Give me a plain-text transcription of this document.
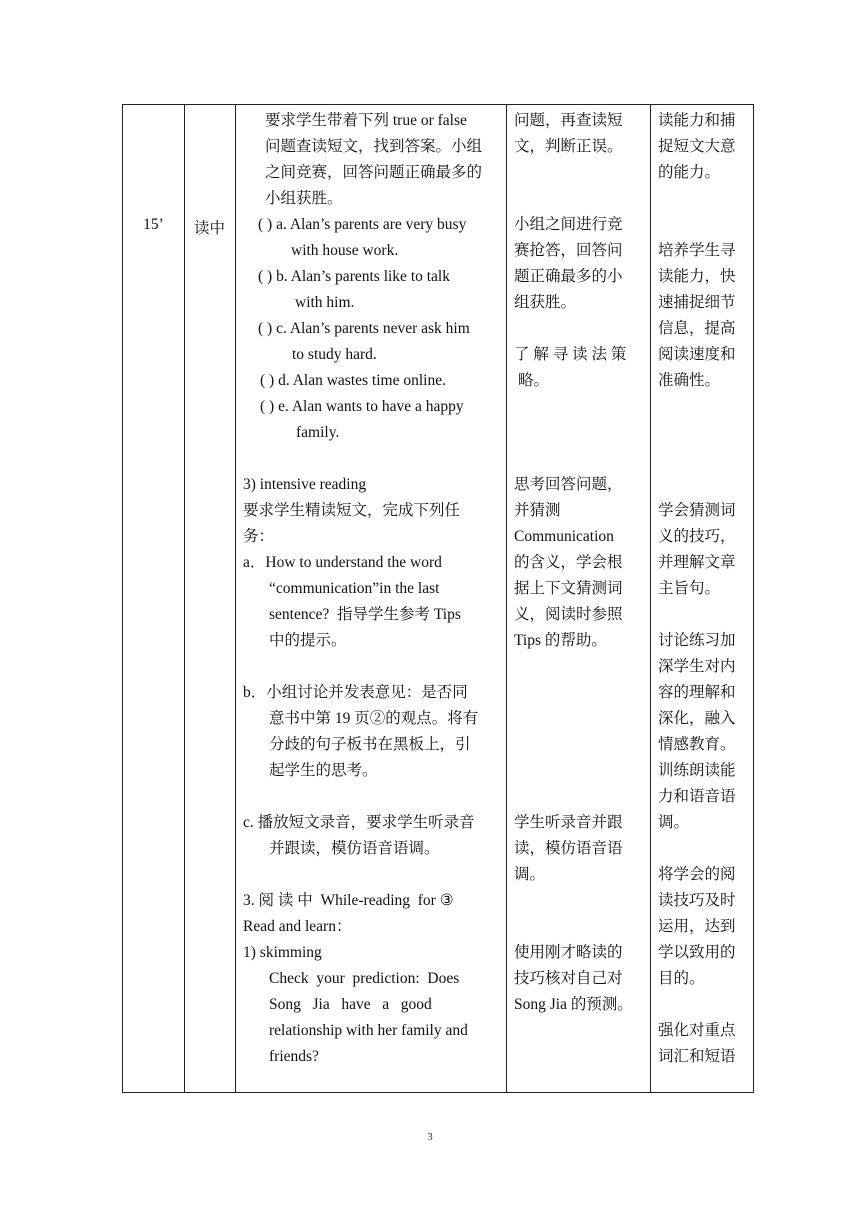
15’	读中

要求学生带着下列 true or false

问题查读短文，找到答案。小组

之间竞赛，回答问题正确最多的

小组获胜。

( ) a. Alan’s parents are very busy

with house work.

( ) b. Alan’s parents like to talk

with him.

( ) c. Alan’s parents never ask him

to study hard.

( ) d. Alan wastes time online.

( ) e. Alan wants to have a happy

family.

3) intensive reading

要求学生精读短文，完成下列任

务：

a．How to understand the word

“communication”in the last

sentence?  指导学生参考 Tips

中的提示。

b．小组讨论并发表意见：是否同

意书中第 19 页②的观点。将有

分歧的句子板书在黑板上，引

起学生的思考。

c. 播放短文录音，要求学生听录音

并跟读，模仿语音语调。

3. 阅 读 中  While-reading  for ③

Read and learn：

1) skimming

Check  your  prediction:  Does

Song   Jia   have   a   good

relationship with her family and

friends?

问题，再查读短

文，判断正误。

小组之间进行竞

赛抢答，回答问

题正确最多的小

组获胜。

了 解 寻 读 法 策

略。

思考回答问题，

并猜测

Communication

的含义，学会根

据上下文猜测词

义，阅读时参照

Tips 的帮助。

学生听录音并跟

读，模仿语音语

调。

使用刚才略读的

技巧核对自己对

Song Jia 的预测。

读能力和捕

捉短文大意

的能力。

培养学生寻

读能力，快

速捕捉细节

信息，提高

阅读速度和

准确性。

学会猜测词

义的技巧，

并理解文章

主旨句。

讨论练习加

深学生对内

容的理解和

深化，融入

情感教育。

训练朗读能

力和语音语

调。

将学会的阅

读技巧及时

运用，达到

学以致用的

目的。

强化对重点

词汇和短语

3
